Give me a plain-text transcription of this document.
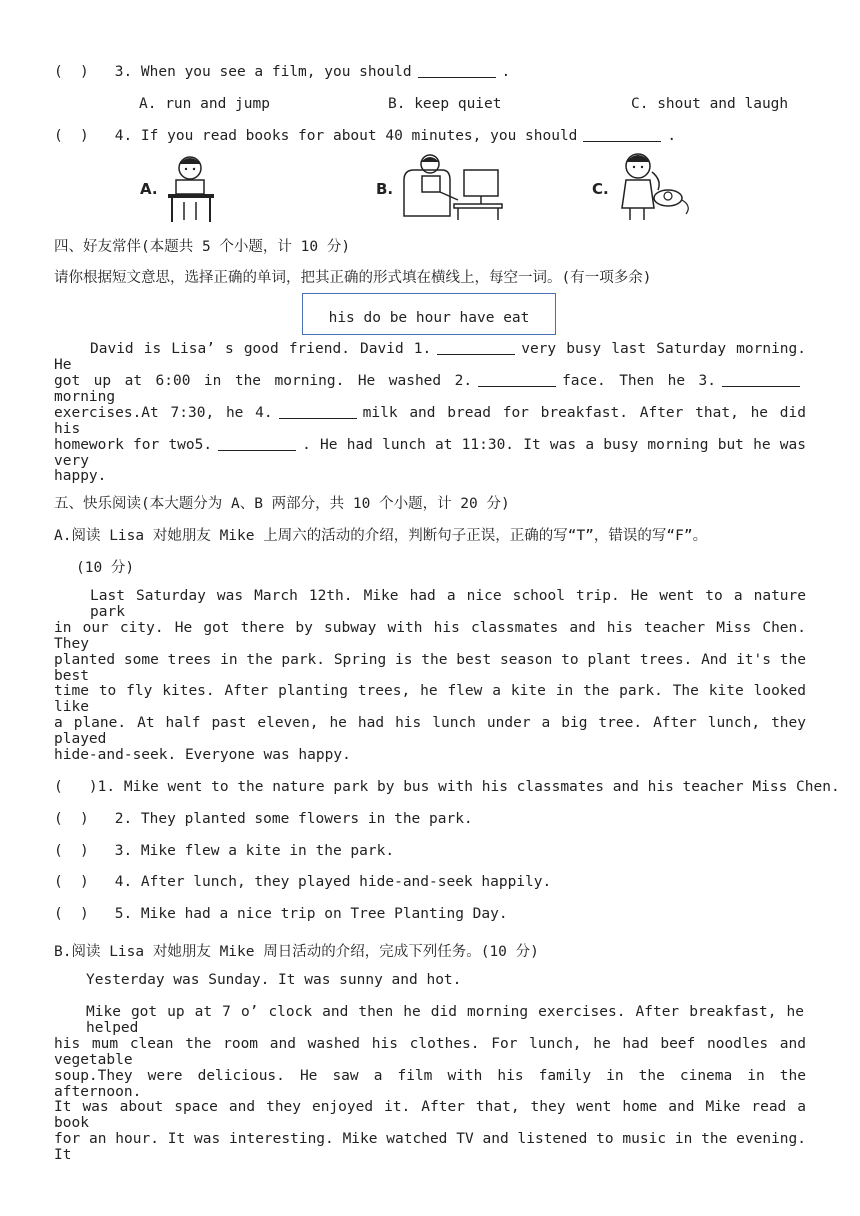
( ) 3. When you see a film, you should	.
A. run and jump	B. keep quiet	C. shout and laugh
( ) 4. If you read books for about 40 minutes, you should	.
A.	B.	C.
四、好友常伴(本题共 5 个小题，计 10 分)
请你根据短文意思，选择正确的单词，把其正确的形式填在横线上，每空一词。(有一项多余)
his do be hour have eat
David is Lisa’ s good friend. David 1.	very busy last Saturday morning. He
got up at 6:00 in the morning. He washed 2.	face. Then he 3.morning
exercises.At 7:30, he 4.	milk and bread for breakfast. After that, he did his
homework for two5.	. He had lunch at 11:30. It was a busy morning but he was very
happy.
五、快乐阅读(本大题分为 A、B 两部分，共 10 个小题，计 20 分)
A.阅读 Lisa 对她朋友 Mike 上周六的活动的介绍，判断句子正误，正确的写“T”，错误的写“F”。
(10 分)
Last Saturday was March 12th. Mike had a nice school trip. He went to a nature park
in our city. He got there by subway with his classmates and his teacher Miss Chen. They
planted some trees in the park. Spring is the best season to plant trees. And it's the best
time to fly kites. After planting trees, he flew a kite in the park. The kite looked like
a plane. At half past eleven, he had his lunch under a big tree. After lunch, they played
hide-and-seek. Everyone was happy.
(   )1. Mike went to the nature park by bus with his classmates and his teacher Miss Chen.
( ) 2. They planted some flowers in the park.
( ) 3. Mike flew a kite in the park.
( ) 4. After lunch, they played hide-and-seek happily.
( ) 5. Mike had a nice trip on Tree Planting Day.
B.阅读 Lisa 对她朋友 Mike 周日活动的介绍，完成下列任务。(10 分)
Yesterday was Sunday. It was sunny and hot.
Mike got up at 7 o’ clock and then he did morning exercises. After breakfast, he helped
his mum clean the room and washed his clothes. For lunch, he had beef noodles and vegetable
soup.They were delicious. He saw a film with his family in the cinema in the afternoon.
It was about space and they enjoyed it. After that, they went home and Mike read a book
for an hour. It was interesting. Mike watched TV and listened to music in the evening. It
